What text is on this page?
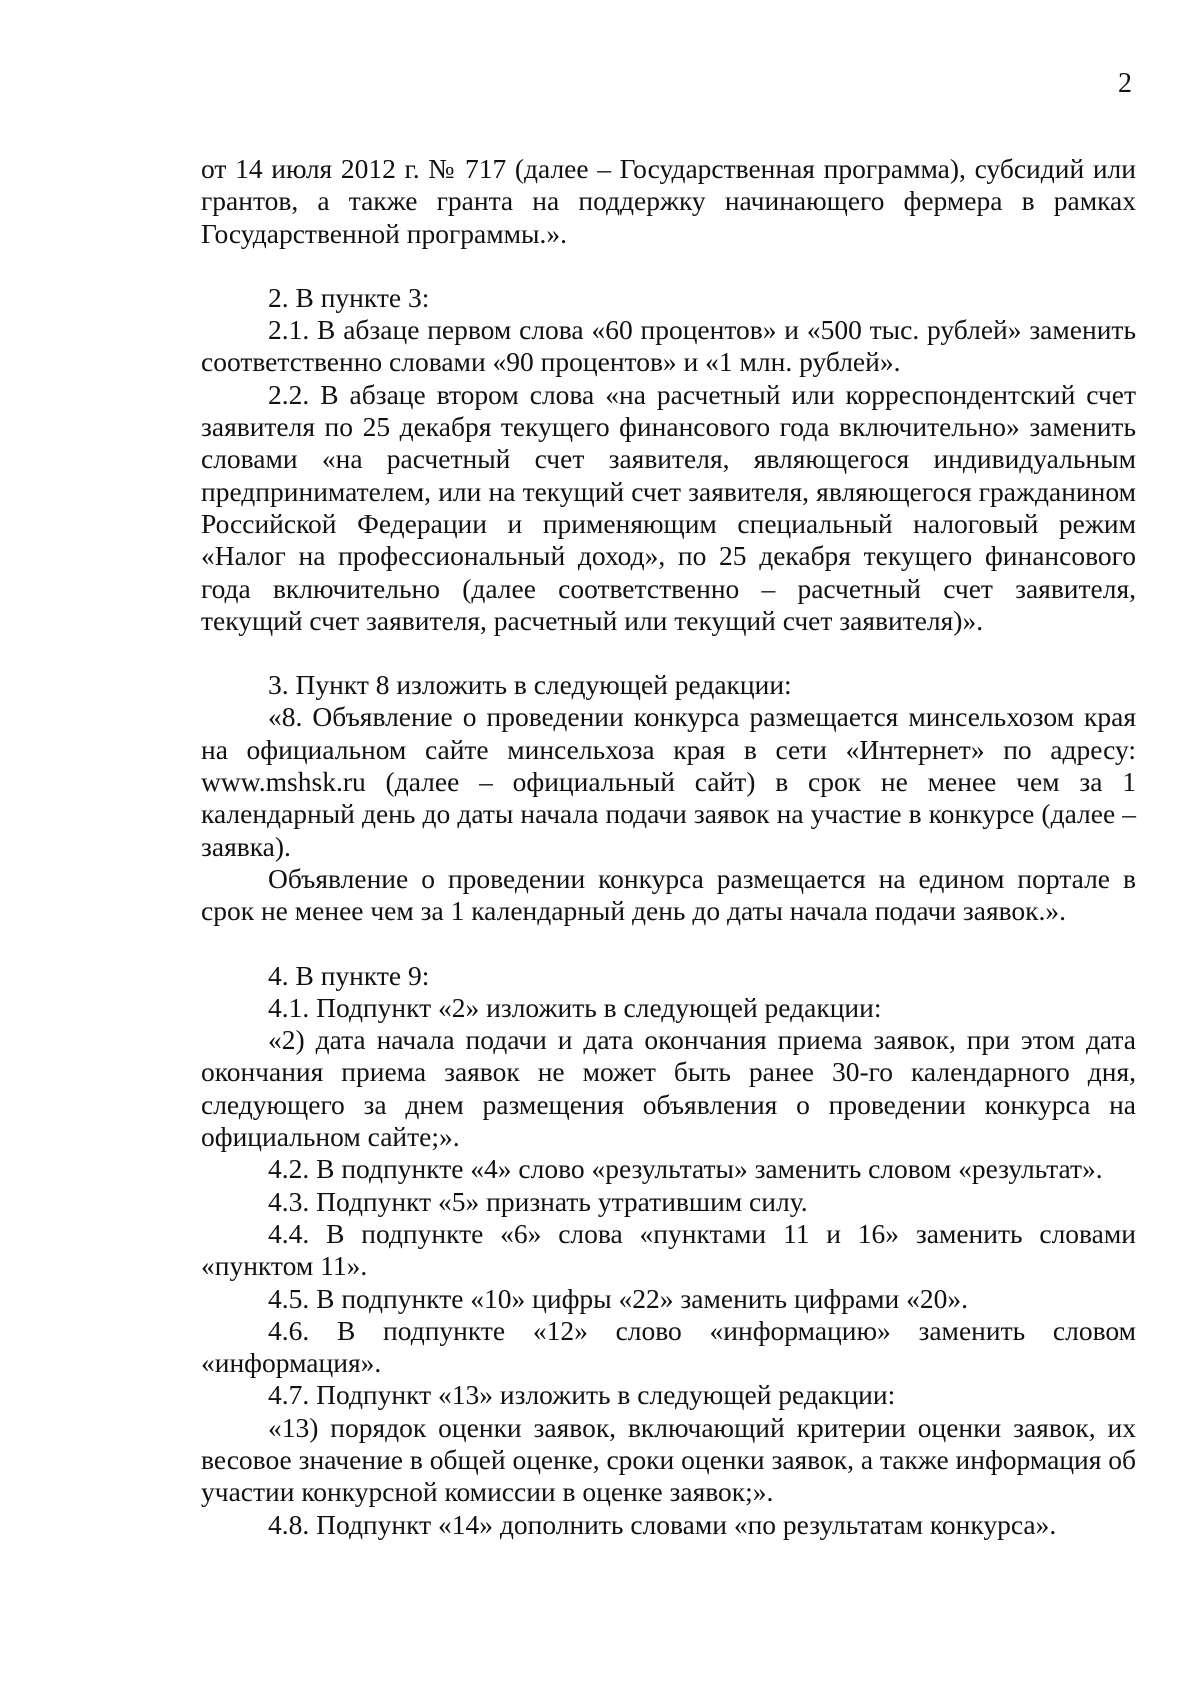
2

от 14 июля 2012 г. № 717 (далее – Государственная программа), субсидий или грантов, а также гранта на поддержку начинающего фермера в рамках Государственной программы.».

2. В пункте 3:

2.1. В абзаце первом слова «60 процентов» и «500 тыс. рублей» заменить соответственно словами «90 процентов» и «1 млн. рублей».

2.2. В абзаце втором слова «на расчетный или корреспондентский счет заявителя по 25 декабря текущего финансового года включительно» заменить словами «на расчетный счет заявителя, являющегося индивидуальным предпринимателем, или на текущий счет заявителя, являющегося гражданином Российской Федерации и применяющим специальный налоговый режим «Налог на профессиональный доход», по 25 декабря текущего финансового года включительно (далее соответственно – расчетный счет заявителя, текущий счет заявителя, расчетный или текущий счет заявителя)».

3. Пункт 8 изложить в следующей редакции:

«8. Объявление о проведении конкурса размещается минсельхозом края на официальном сайте минсельхоза края в сети «Интернет» по адресу: www.mshsk.ru (далее – официальный сайт) в срок не менее чем за 1 календарный день до даты начала подачи заявок на участие в конкурсе (далее – заявка).

Объявление о проведении конкурса размещается на едином портале в срок не менее чем за 1 календарный день до даты начала подачи заявок.».

4. В пункте 9:

4.1. Подпункт «2» изложить в следующей редакции:

«2) дата начала подачи и дата окончания приема заявок, при этом дата окончания приема заявок не может быть ранее 30-го календарного дня, следующего за днем размещения объявления о проведении конкурса на официальном сайте;».

4.2. В подпункте «4» слово «результаты» заменить словом «результат».

4.3. Подпункт «5» признать утратившим силу.

4.4. В подпункте «6» слова «пунктами 11 и 16» заменить словами «пунктом 11».

4.5. В подпункте «10» цифры «22» заменить цифрами «20».

4.6. В подпункте «12» слово «информацию» заменить словом «информация».

4.7. Подпункт «13» изложить в следующей редакции:

«13) порядок оценки заявок, включающий критерии оценки заявок, их весовое значение в общей оценке, сроки оценки заявок, а также информация об участии конкурсной комиссии в оценке заявок;».

4.8. Подпункт «14» дополнить словами «по результатам конкурса».
